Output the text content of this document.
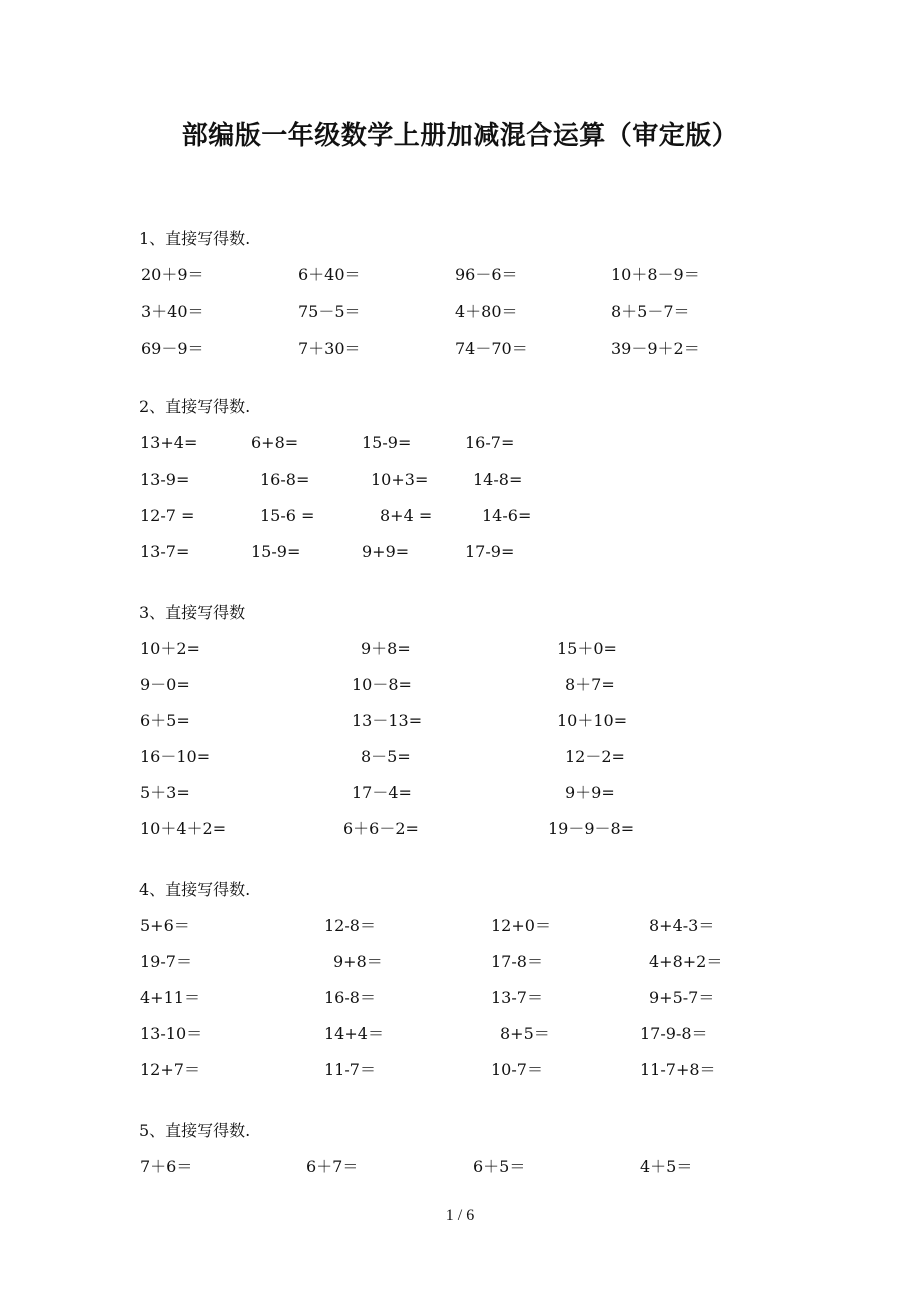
部编版一年级数学上册加减混合运算（审定版）
1、直接写得数.
20＋9＝	6＋40＝	96－6＝	10＋8－9＝
3＋40＝	75－5＝	4＋80＝	8＋5－7＝
69－9＝	7＋30＝	74－70＝	39－9＋2＝
2、直接写得数.
13+4=	6+8=	15-9=	16-7=
13-9=	16-8=	10+3=	14-8=
12-7 =	15-6 =	8+4 =	14-6=
13-7=	15-9=	9+9=	17-9=
3、直接写得数
10＋2=	9＋8=	15＋0=
9－0=	10－8=	8＋7=
6＋5=	13－13=	10＋10=
16－10=	8－5=	12－2=
5＋3=	17－4=	9＋9=
10＋4＋2=	6＋6－2=	19－9－8=
4、直接写得数.
5+6＝	12-8＝	12+0＝	8+4-3＝
19-7＝	9+8＝	17-8＝	4+8+2＝
4+11＝	16-8＝	13-7＝	9+5-7＝
13-10＝	14+4＝	8+5＝	17-9-8＝
12+7＝	11-7＝	10-7＝	11-7+8＝
5、直接写得数.
7＋6＝	6＋7＝	6＋5＝	4＋5＝
1 / 6
